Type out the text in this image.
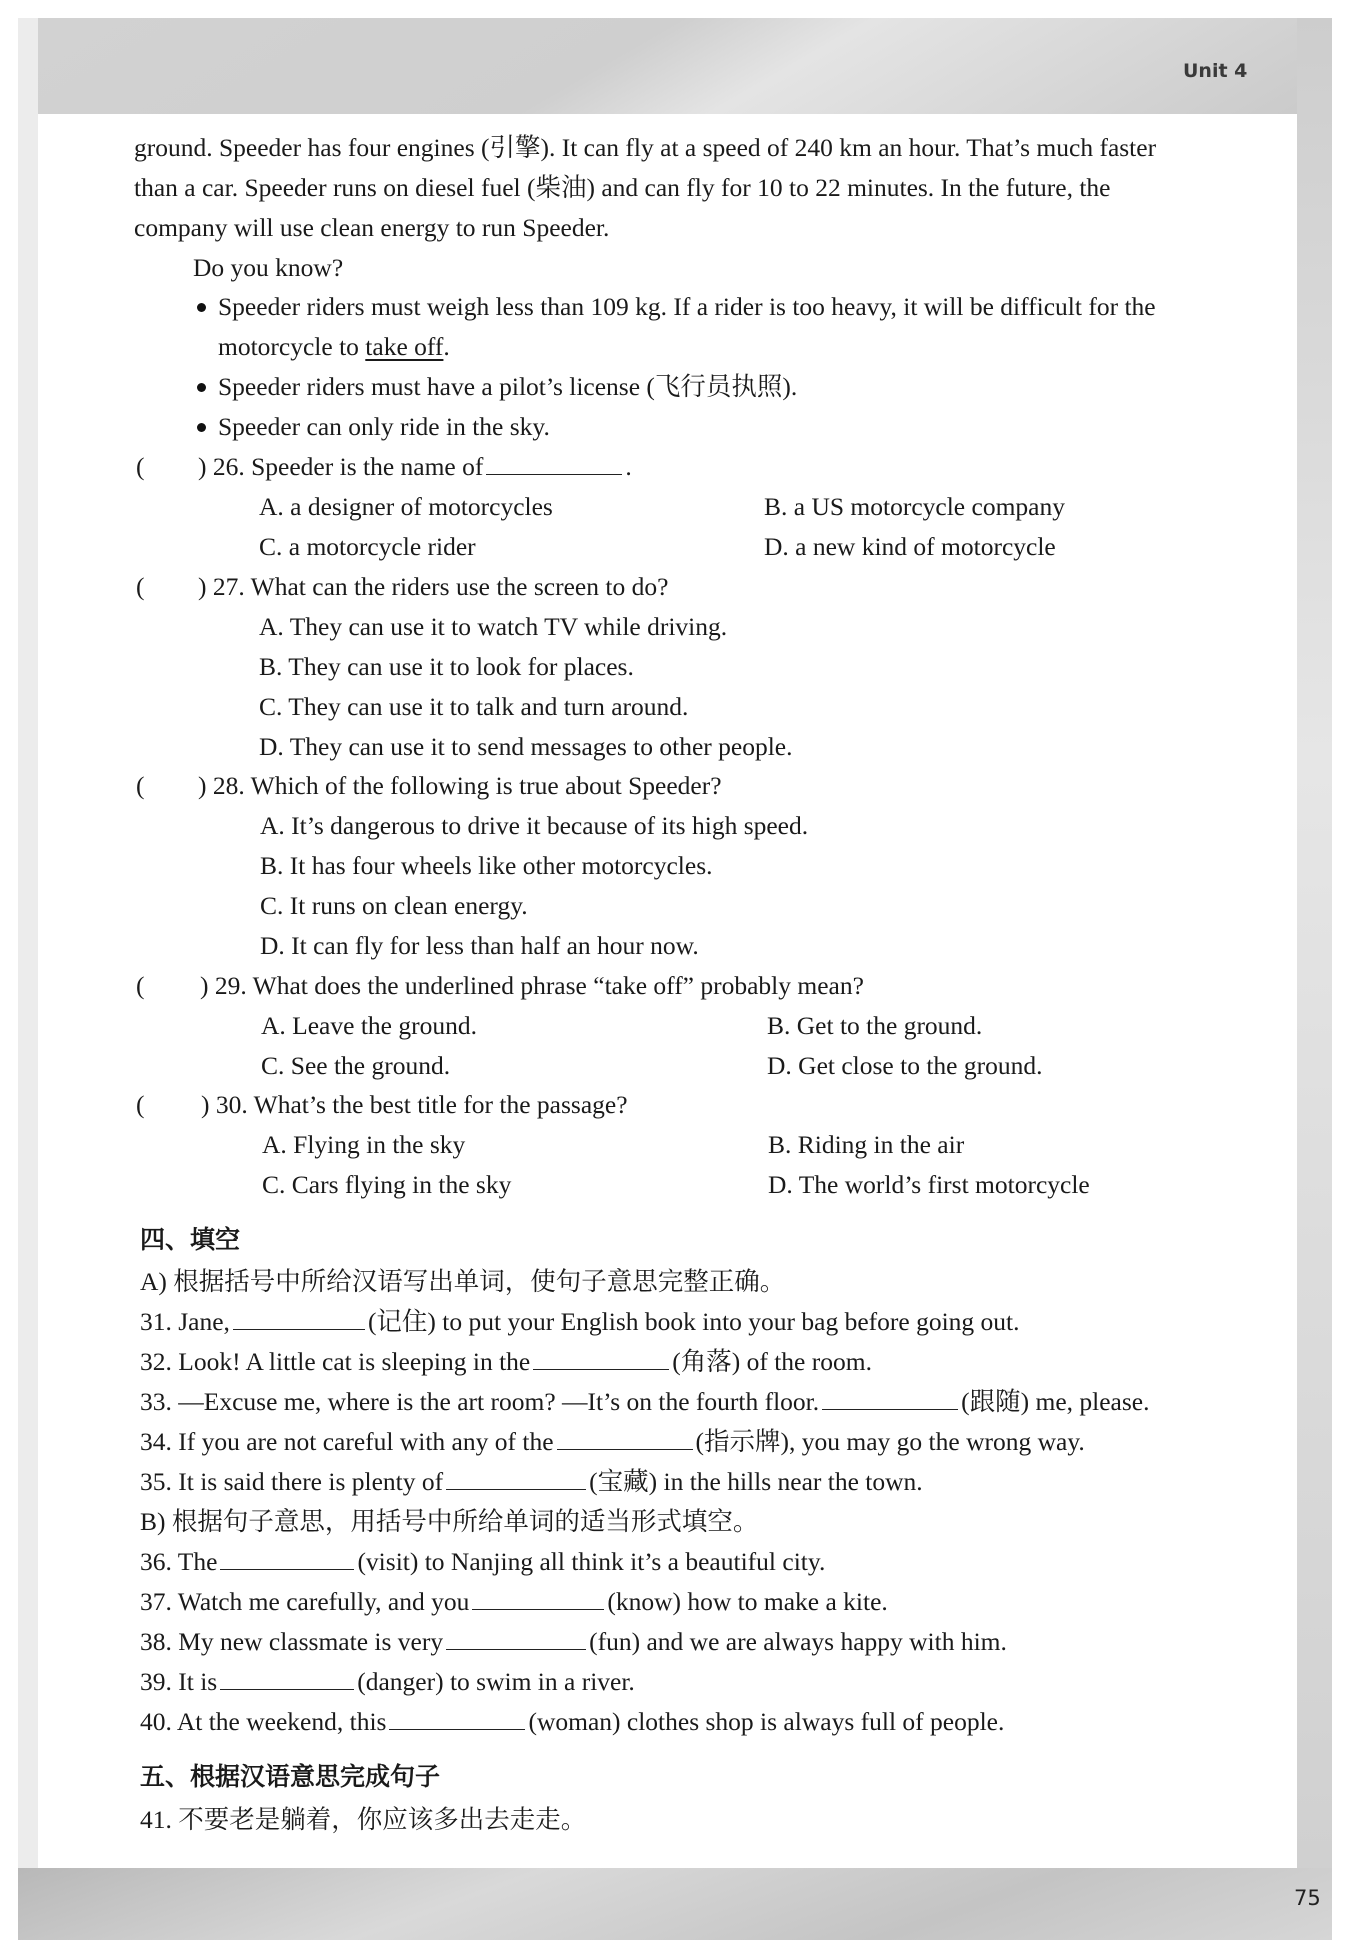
Unit 4
75
ground. Speeder has four engines (引擎). It can fly at a speed of 240 km an hour. That’s much faster
than a car. Speeder runs on diesel fuel (柴油) and can fly for 10 to 22 minutes. In the future, the
company will use clean energy to run Speeder.
Do you know?
Speeder riders must weigh less than 109 kg. If a rider is too heavy, it will be difficult for the
motorcycle to take off.
Speeder riders must have a pilot’s license (飞行员执照).
Speeder can only ride in the sky.
( ) 26. Speeder is the name of	.
A. a designer of motorcycles	B. a US motorcycle company
C. a motorcycle rider	D. a new kind of motorcycle
( ) 27. What can the riders use the screen to do?
A. They can use it to watch TV while driving.
B. They can use it to look for places.
C. They can use it to talk and turn around.
D. They can use it to send messages to other people.
( ) 28. Which of the following is true about Speeder?
A. It’s dangerous to drive it because of its high speed.
B. It has four wheels like other motorcycles.
C. It runs on clean energy.
D. It can fly for less than half an hour now.
( ) 29. What does the underlined phrase “take off” probably mean?
A. Leave the ground.	B. Get to the ground.
C. See the ground.	D. Get close to the ground.
( ) 30. What’s the best title for the passage?
A. Flying in the sky	B. Riding in the air
C. Cars flying in the sky	D. The world’s first motorcycle
四、填空
A) 根据括号中所给汉语写出单词，使句子意思完整正确。
31. Jane,	(记住) to put your English book into your bag before going out.
32. Look! A little cat is sleeping in the	(角落) of the room.
33. —Excuse me, where is the art room? —It’s on the fourth floor.	(跟随) me, please.
34. If you are not careful with any of the	(指示牌), you may go the wrong way.
35. It is said there is plenty of	(宝藏) in the hills near the town.
B) 根据句子意思，用括号中所给单词的适当形式填空。
36. The	(visit) to Nanjing all think it’s a beautiful city.
37. Watch me carefully, and you	(know) how to make a kite.
38. My new classmate is very	(fun) and we are always happy with him.
39. It is	(danger) to swim in a river.
40. At the weekend, this	(woman) clothes shop is always full of people.
五、根据汉语意思完成句子
41. 不要老是躺着，你应该多出去走走。
